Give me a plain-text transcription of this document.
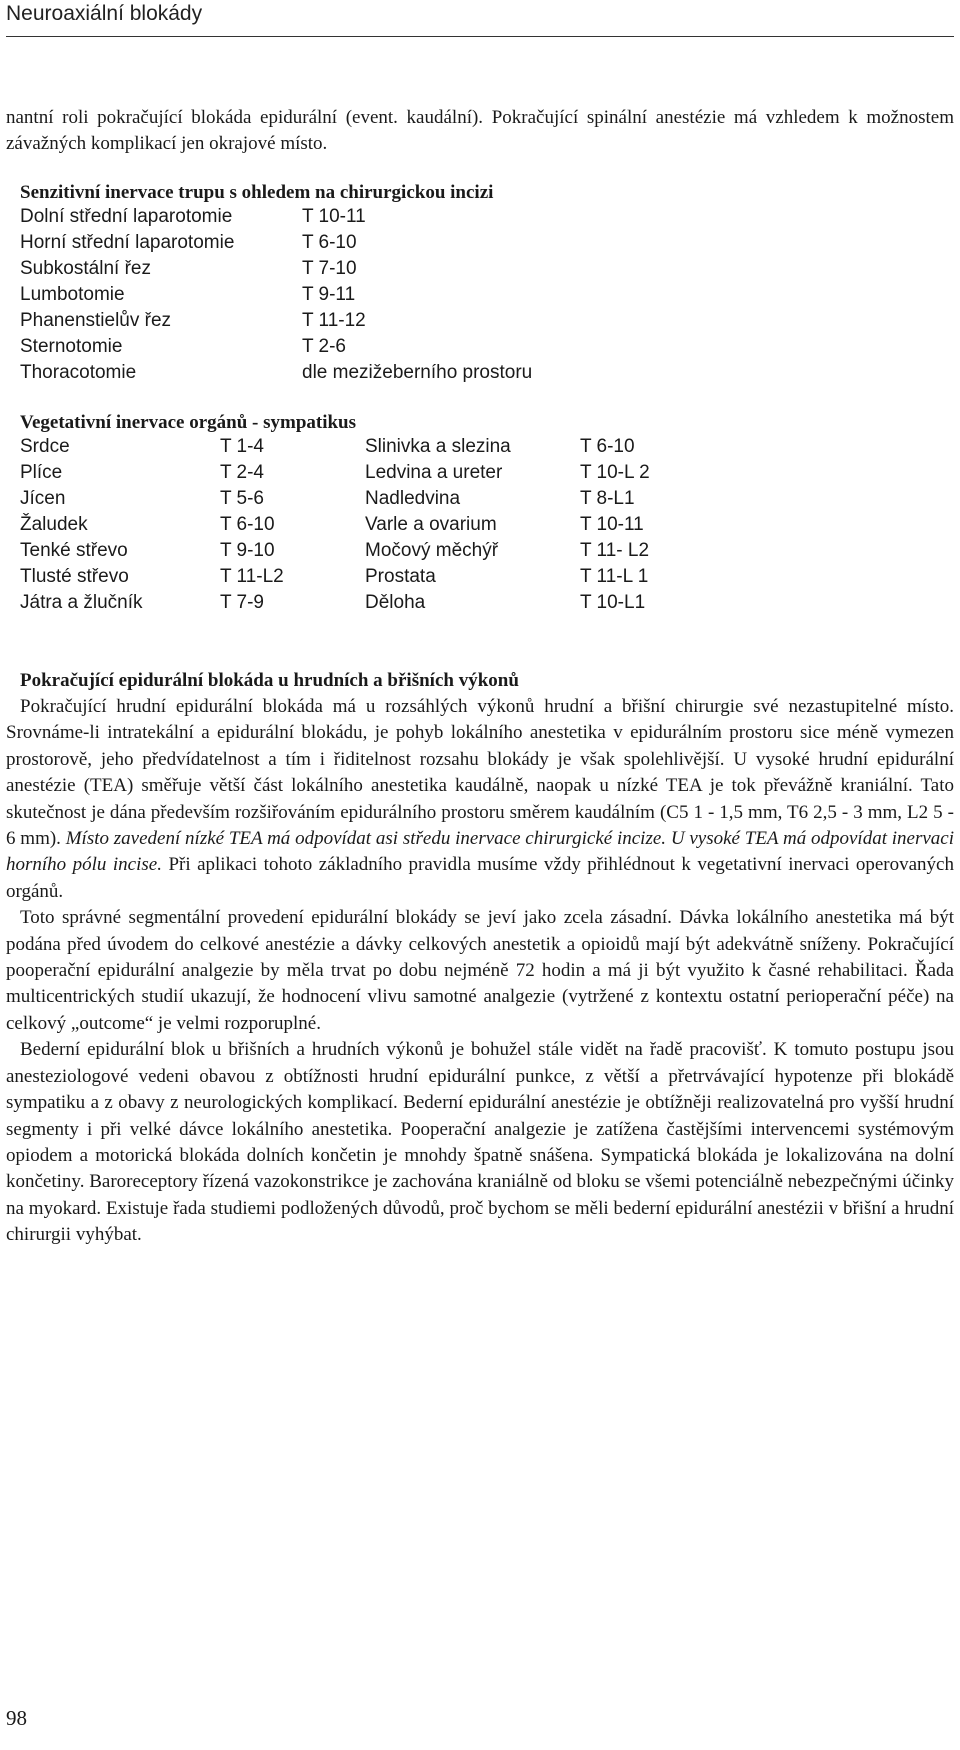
Neuroaxiální blokády

nantní roli pokračující blokáda epidurální (event. kaudální). Pokračující spinální anestézie má vzhledem k možnostem závažných komplikací jen okrajové místo.

Senzitivní inervace trupu s ohledem na chirurgickou incizi
Dolní střední laparotomie	T 10-11
Horní střední laparotomie	T 6-10
Subkostální řez	T 7-10
Lumbotomie	T 9-11
Phanenstielův řez	T 11-12
Sternotomie	T 2-6
Thoracotomie	dle mezižeberního prostoru
Vegetativní inervace orgánů - sympatikus
Srdce	T 1-4	Slinivka a slezina	T 6-10
Plíce	T 2-4	Ledvina a ureter	T 10-L 2
Jícen	T 5-6	Nadledvina	T 8-L1
Žaludek	T 6-10	Varle a ovarium	T 10-11
Tenké střevo	T 9-10	Močový měchýř	T 11- L2
Tlusté střevo	T 11-L2	Prostata	T 11-L 1
Játra a žlučník	T 7-9	Děloha	T 10-L1
Pokračující epidurální blokáda u hrudních a břišních výkonů

Pokračující hrudní epidurální blokáda má u rozsáhlých výkonů hrudní a břišní chirurgie své nezastupitelné místo. Srovnáme-li intratekální a epidurální blokádu, je pohyb lokálního anestetika v epidurálním prostoru sice méně vymezen prostorově, jeho předvídatelnost a tím i řiditelnost rozsahu blokády je však spolehlivější. U vysoké hrudní epidurální anestézie (TEA) směřuje větší část lokálního anestetika kaudálně, naopak u nízké TEA je tok převážně kraniální. Tato skutečnost je dána především rozšiřováním epidurálního prostoru směrem kaudálním (C5 1 - 1,5 mm, T6 2,5 - 3 mm, L2 5 - 6 mm). Místo zavedení nízké TEA má odpovídat asi středu inervace chirurgické incize. U vysoké TEA má odpovídat inervaci horního pólu incise. Při aplikaci tohoto základního pravidla musíme vždy přihlédnout k vegetativní inervaci operovaných orgánů.

Toto správné segmentální provedení epidurální blokády se jeví jako zcela zásadní. Dávka lokálního anestetika má být podána před úvodem do celkové anestézie a dávky celkových anestetik a opioidů mají být adekvátně sníženy. Pokračující pooperační epidurální analgezie by měla trvat po dobu nejméně 72 hodin a má ji být využito k časné rehabilitaci. Řada multicentrických studií ukazují, že hodnocení vlivu samotné analgezie (vytržené z kontextu ostatní perioperační péče) na celkový „outcome“ je velmi rozporuplné.

Bederní epidurální blok u břišních a hrudních výkonů je bohužel stále vidět na řadě pracovišť. K tomuto postupu jsou anesteziologové vedeni obavou z obtížnosti hrudní epidurální punkce, z větší a přetrvávající hypotenze při blokádě sympatiku a z obavy z neurologických komplikací. Bederní epidurální anestézie je obtížněji realizovatelná pro vyšší hrudní segmenty i při velké dávce lokálního anestetika. Pooperační analgezie je zatížena častějšími intervencemi systémovým opiodem a motorická blokáda dolních končetin je mnohdy špatně snášena. Sympatická blokáda je lokalizována na dolní končetiny. Baroreceptory řízená vazokonstrikce je zachována kraniálně od bloku se všemi potenciálně nebezpečnými účinky na myokard. Existuje řada studiemi podložených důvodů, proč bychom se měli bederní epidurální anestézii v břišní a hrudní chirurgii vyhýbat.

98
